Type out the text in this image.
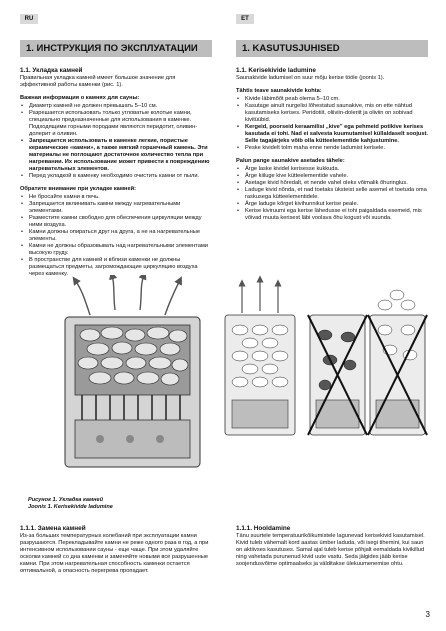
RU	ET
1. ИНСТРУКЦИЯ ПО ЭКСПЛУАТАЦИИ
1.1. Укладка камней
Правильная укладка камней имеет большое значение для эффективной работы каменки (рис. 1).
Важная информация о камнях для сауны:
• Диаметр камней не должен превышать 5–10 см.
• Разрешается использовать только угловатые колотые камни, специально предназначенные для использования в каменке. Подходящими горными породами являются перидотит, оливин-долерит и оливин.
• Запрещается использовать в каменке легкие, пористые керамические «камни», а также мягкий горшечный камень. Эти материалы не поглощают достаточное количество тепла при нагревании. Их использование может привести к повреждению нагревательных элементов.
• Перед укладкой в каменку необходимо очистить камни от пыли.
Обратите внимание при укладке камней:
• Не бросайте камни в печь.
• Запрещается вклинивать камни между нагревательными элементами.
• Разместите камни свободно для обеспечения циркуляции между ними воздуха.
• Камни должны опираться друг на друга, а не на нагревательные элементы.
• Камни не должны образовывать над нагревательными элементами высокую груду.
• В пространстве для камней и вблизи каменки не должны размещаться предметы, загромождающие циркуляцию воздуха через каменку.
1. KASUTUSJUHISED
1.1. Kerisekivide ladumine
Saunakivide ladumisel on suur mõju kerise tööle (joonis 1).
Tähtis teave saunakivide kohta:
• Kivide läbimõõt peab olema 5–10 cm.
• Kasutage ainult nurgelisi lõhestatud saunakive, mis on ette nähtud kasutamiseks kerises. Peridotiit, oliiviin-doleriit ja oliviin on sobivad kivitüübid.
• Kergeid, poorseid keraamilisi „kive" ega pehmeid potikive kerises kasutada ei tohi. Nad ei salvesta kuumutamisel küllaldaselt soojust. Selle tagajärjeks võib olla kütteelementide kahjustumine.
• Peske kividelt tolm maha enne nende ladumist kerisele.
Palun pange saunakive asetades tähele:
• Ärge laske kividel kerisesse kukkuda.
• Ärge kiiluge kive kütteelementide vahele.
• Asetage kivid hõredalt, et nende vahel oleks võimalik õhuringlus.
• Laduge kivid nõnda, et nad toetaks üksteist selle asemel et toetuda oma raskusega kütteelementidele.
• Ärge laduge kõrget kivihunnikut kerise peale.
• Kerise kiviruumi ega kerise lähedusse ei tohi paigaldada esemeid, mis võivad muuta kerisest läbi voolava õhu kogust või suunda.
Рисунок 1. Укладка камней
Joonis 1. Kerisekivide ladumine
1.1.1. Замена камней
Из-за больших температурных колебаний при эксплуатации камни разрушаются. Перекладывайте камни не реже одного раза в год, а при интенсивном использовании сауны - еще чаще. При этом удаляйте осколки камней со дна каменки и заменяйте новыми все разрушенные камни. При этом нагревательная способность каменки остается оптимальной, а опасность перегрева пропадает.
1.1.1. Hooldamine
Tänu suurtele temperatuurikõikumistele lagunevad kerisekivid kasutamisel. Kivid tuleb vähemalt kord aastas ümber laduda, või isegi tihemini, kui saun on aktiivses kasutuses. Samal ajal tuleb kerise põhjalt eemaldada kivikillud ning vahetada purunenud kivid uute vastu. Seda jälgides jääb kerise soojendusvõime optimaalseks ja välditakse ülekuumenemise ohtu.
3
